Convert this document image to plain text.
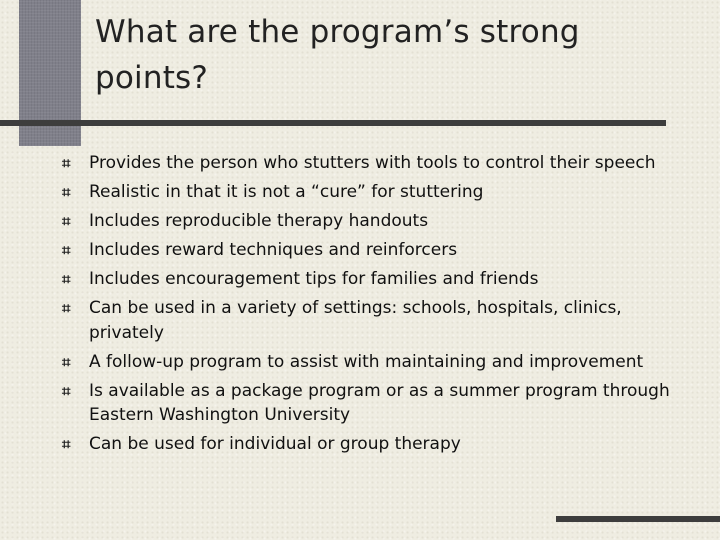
What are the program’s strong points?
⌗	Provides the person who stutters with tools to control their speech
⌗	Realistic in that it is not a “cure” for stuttering
⌗	Includes reproducible therapy handouts
⌗	Includes reward techniques and reinforcers
⌗	Includes encouragement tips for families and friends
⌗	Can be used in a variety of settings: schools, hospitals, clinics, privately
⌗	A follow-up program to assist with maintaining and improvement
⌗	Is available as a package program or as a summer program through Eastern Washington University
⌗	Can be used for individual or group therapy
